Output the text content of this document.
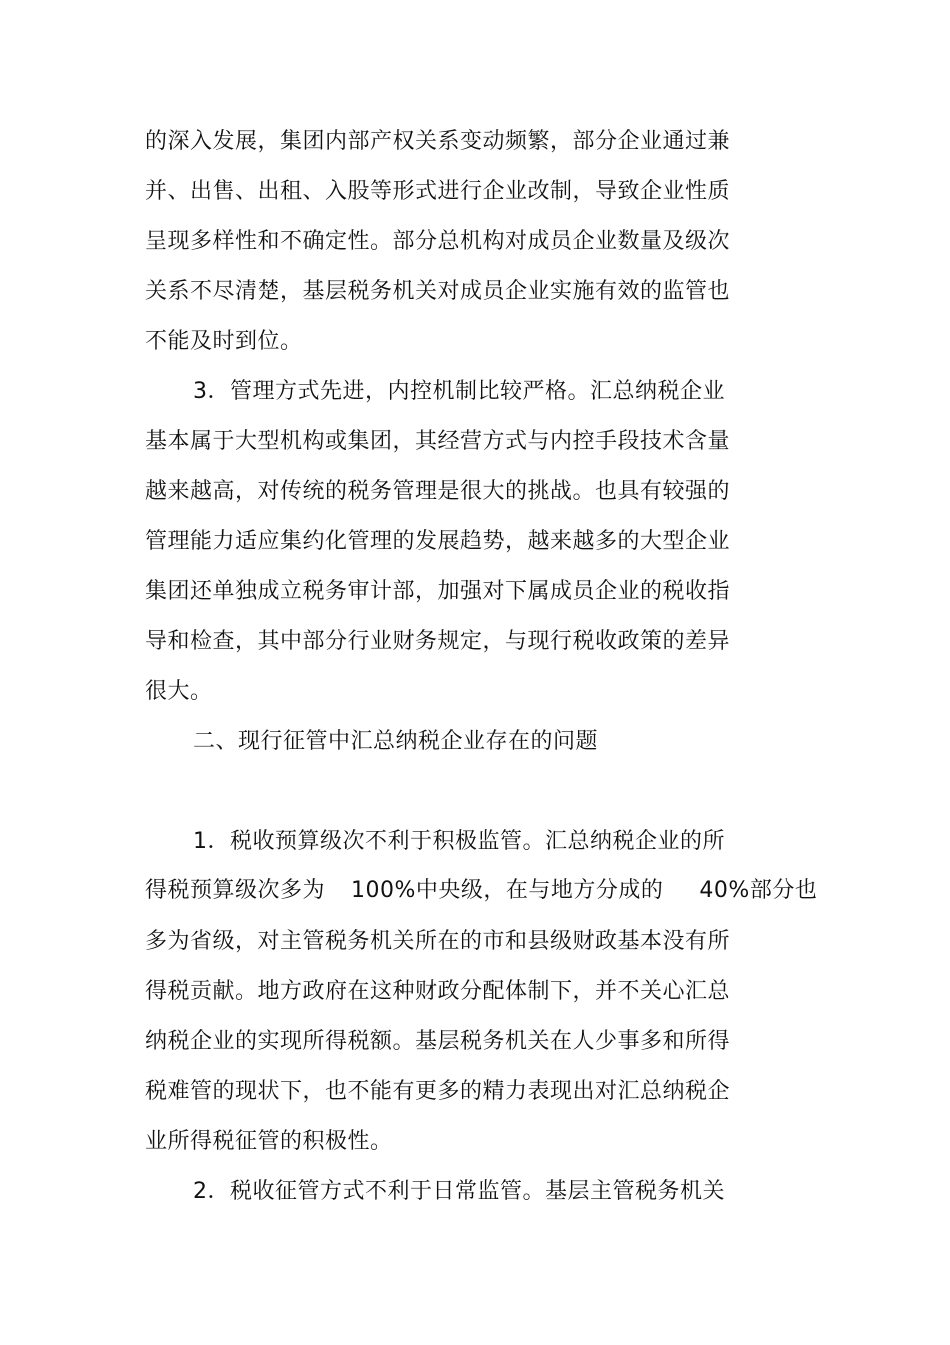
的深入发展，集团内部产权关系变动频繁，部分企业通过兼
并、出售、出租、入股等形式进行企业改制，导致企业性质
呈现多样性和不确定性。部分总机构对成员企业数量及级次
关系不尽清楚，基层税务机关对成员企业实施有效的监管也
不能及时到位。
3．管理方式先进，内控机制比较严格。汇总纳税企业
基本属于大型机构或集团，其经营方式与内控手段技术含量
越来越高，对传统的税务管理是很大的挑战。也具有较强的
管理能力适应集约化管理的发展趋势，越来越多的大型企业
集团还单独成立税务审计部，加强对下属成员企业的税收指
导和检查，其中部分行业财务规定，与现行税收政策的差异
很大。
二、现行征管中汇总纳税企业存在的问题
1．税收预算级次不利于积极监管。汇总纳税企业的所
得税预算级次多为 100%中央级，在与地方分成的 40%部分也
多为省级，对主管税务机关所在的市和县级财政基本没有所
得税贡献。地方政府在这种财政分配体制下，并不关心汇总
纳税企业的实现所得税额。基层税务机关在人少事多和所得
税难管的现状下，也不能有更多的精力表现出对汇总纳税企
业所得税征管的积极性。
2．税收征管方式不利于日常监管。基层主管税务机关
